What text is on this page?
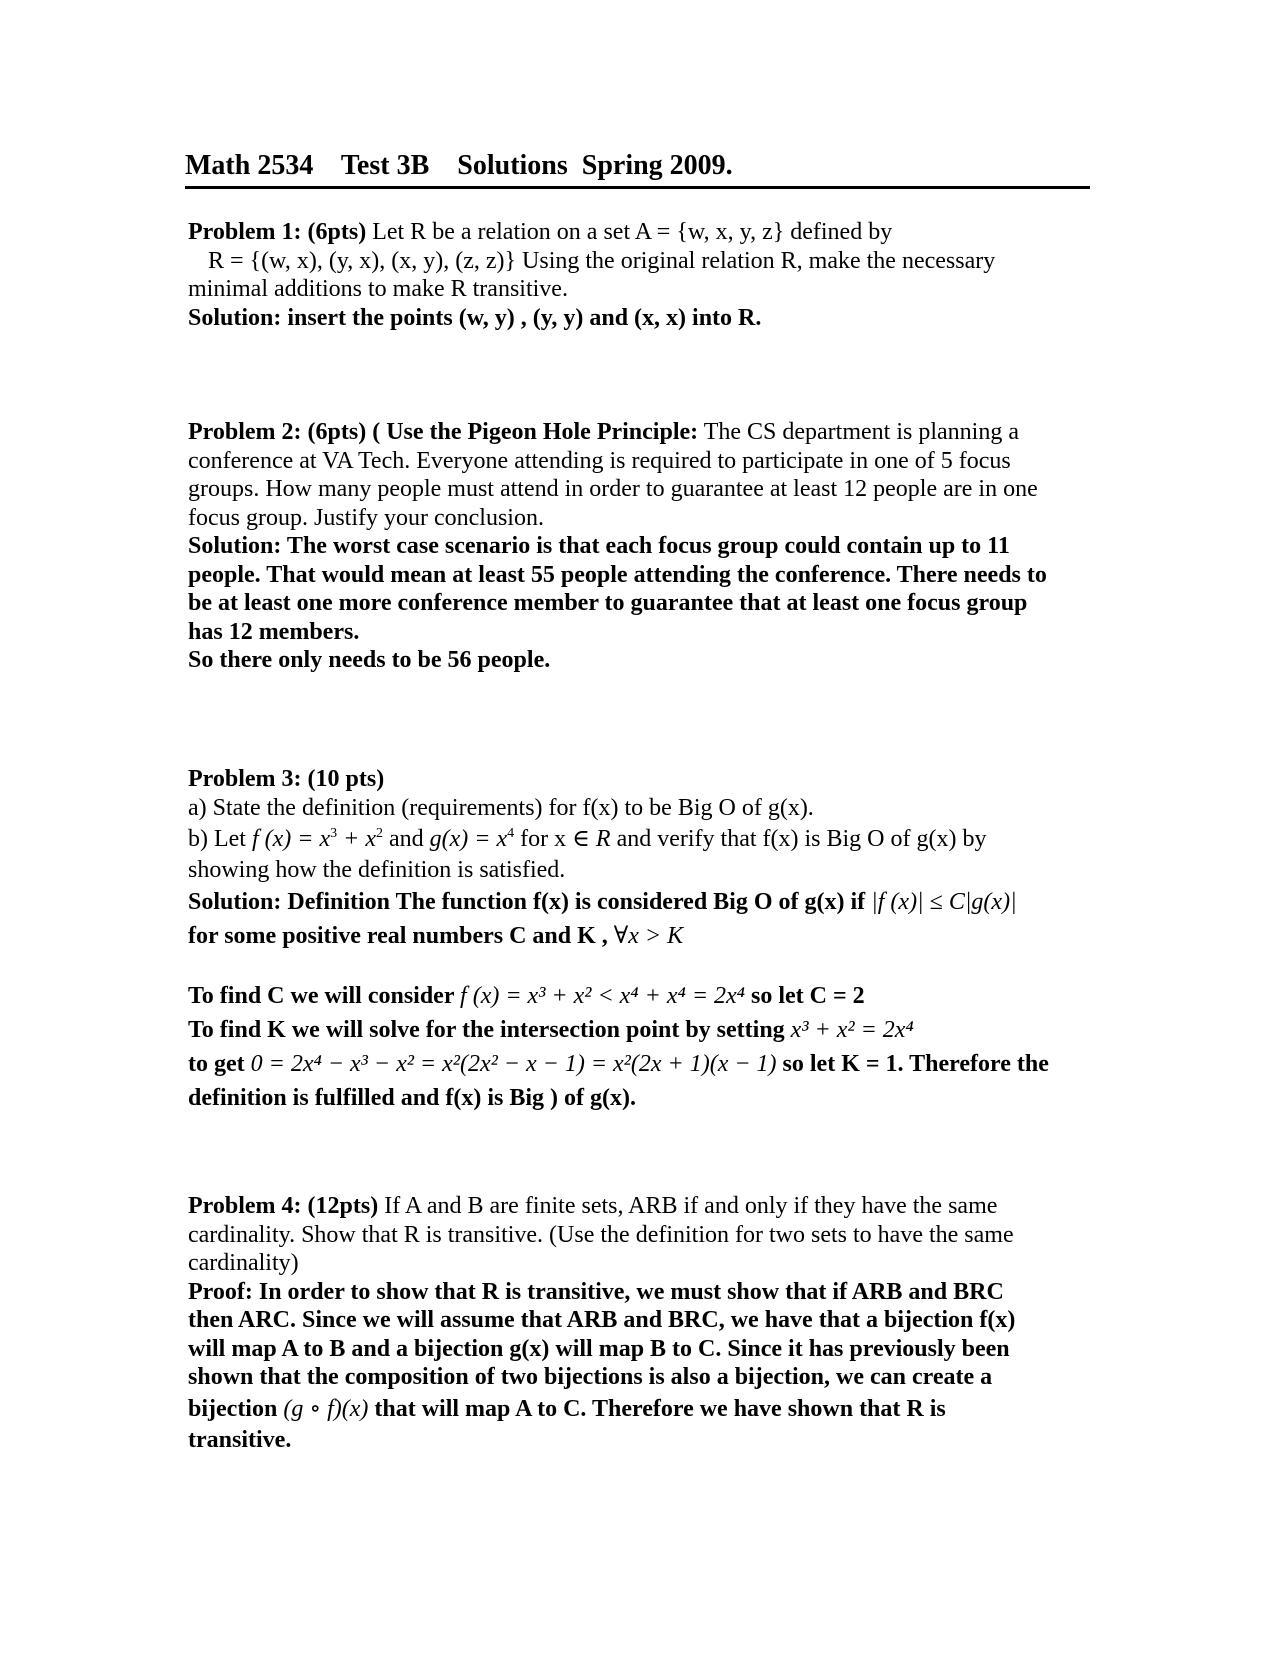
Math 2534 Test 3B Solutions  Spring 2009.
Problem 1: (6pts) Let R be a relation on a set A = {w, x, y, z} defined by
R = {(w, x), (y, x), (x, y), (z, z)} Using the original relation R, make the necessary
minimal additions to make R transitive.
Solution: insert the points (w, y) , (y, y) and (x, x) into R.
Problem 2: (6pts) ( Use the Pigeon Hole Principle: The CS department is planning a
conference at VA Tech. Everyone attending is required to participate in one of 5 focus
groups. How many people must attend in order to guarantee at least 12 people are in one
focus group. Justify your conclusion.
Solution: The worst case scenario is that each focus group could contain up to 11
people. That would mean at least 55 people attending the conference. There needs to
be at least one more conference member to guarantee that at least one focus group
has 12 members.
So there only needs to be 56 people.
Problem 3: (10 pts)
a) State the definition (requirements) for f(x) to be Big O of g(x).
b) Let f $(x) = x^3 + x^2$ and $g(x) = x^4$ for x ∈ R and verify that f(x) is Big O of g(x) by
showing how the definition is satisfied.
Solution: Definition The function f(x) is considered Big O of g(x) if |f (x)| ≤ C|g(x)|
for some positive real numbers C and K , ∀x > K
To find C we will consider f (x) = x³ + x² < x⁴ + x⁴ = 2x⁴ so let C = 2
To find K we will solve for the intersection point by setting x³ + x² = 2x⁴
to get 0 = 2x⁴ − x³ − x² = x²(2x² − x − 1) = x²(2x + 1)(x − 1) so let K = 1. Therefore the
definition is fulfilled and f(x) is Big ) of g(x).
Problem 4: (12pts) If A and B are finite sets, ARB if and only if they have the same
cardinality. Show that R is transitive. (Use the definition for two sets to have the same
cardinality)
Proof: In order to show that R is transitive, we must show that if ARB and BRC
then ARC. Since we will assume that ARB and BRC, we have that a bijection f(x)
will map A to B and a bijection g(x) will map B to C. Since it has previously been
shown that the composition of two bijections is also a bijection, we can create a
bijection (g ∘ f)(x) that will map A to C. Therefore we have shown that R is
transitive.
